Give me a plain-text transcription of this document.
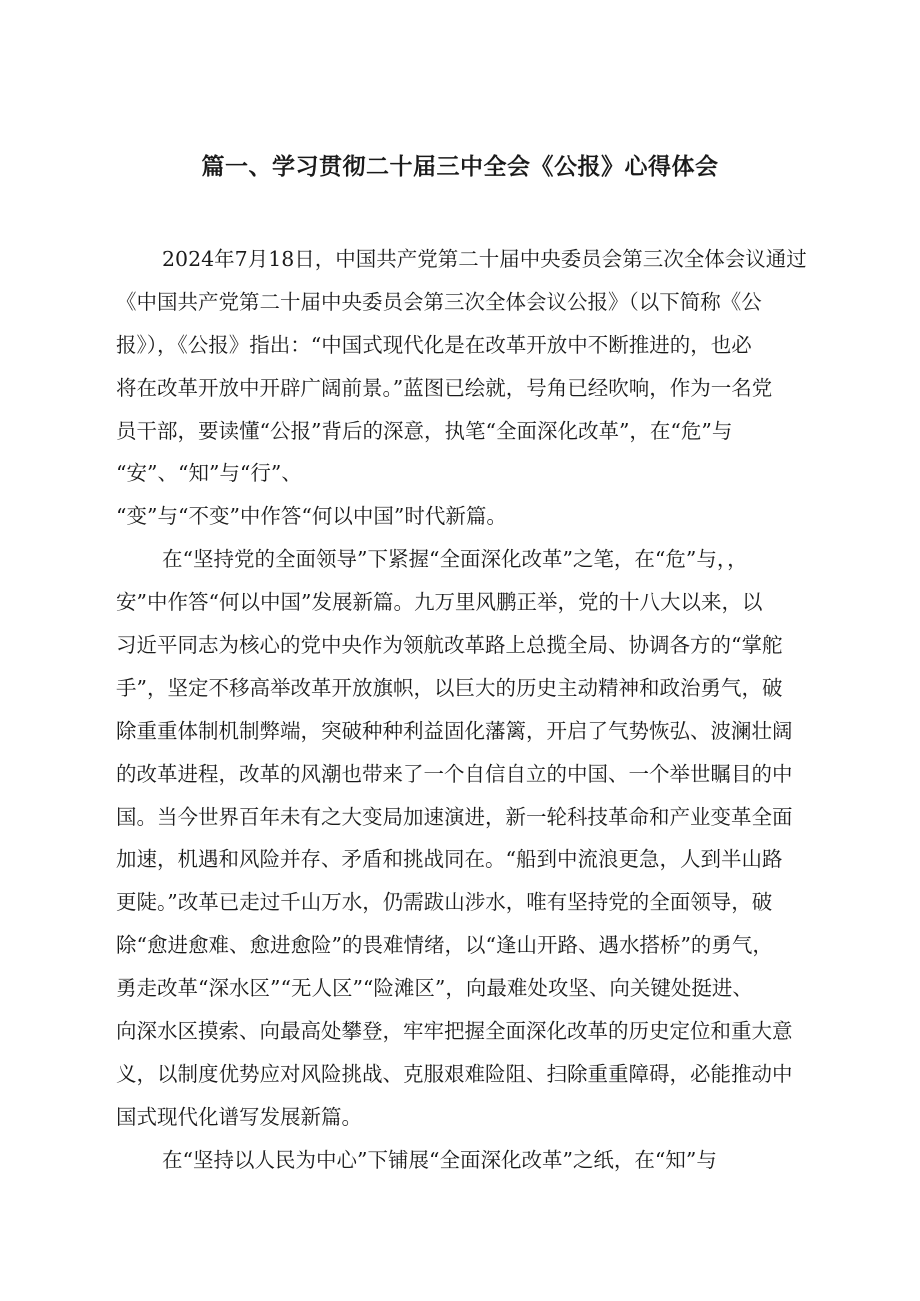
篇一、学习贯彻二十届三中全会《公报》心得体会
2024年7月18日，中国共产党第二十届中央委员会第三次全体会议通过
《中国共产党第二十届中央委员会第三次全体会议公报》（以下简称《公
报》），《公报》指出：“中国式现代化是在改革开放中不断推进的，也必
将在改革开放中开辟广阔前景。”蓝图已绘就，号角已经吹响，作为一名党
员干部，要读懂“公报”背后的深意，执笔“全面深化改革”，在“危”与
“安”、“知”与“行”、
“变”与“不变”中作答“何以中国”时代新篇。
在“坚持党的全面领导”下紧握“全面深化改革”之笔，在“危”与，，
安”中作答“何以中国”发展新篇。九万里风鹏正举，党的十八大以来，以
习近平同志为核心的党中央作为领航改革路上总揽全局、协调各方的“掌舵
手”，坚定不移高举改革开放旗帜，以巨大的历史主动精神和政治勇气，破
除重重体制机制弊端，突破种种利益固化藩篱，开启了气势恢弘、波澜壮阔
的改革进程，改革的风潮也带来了一个自信自立的中国、一个举世瞩目的中
国。当今世界百年未有之大变局加速演进，新一轮科技革命和产业变革全面
加速，机遇和风险并存、矛盾和挑战同在。“船到中流浪更急，人到半山路
更陡。”改革已走过千山万水，仍需跋山涉水，唯有坚持党的全面领导，破
除“愈进愈难、愈进愈险”的畏难情绪，以“逢山开路、遇水搭桥”的勇气，
勇走改革“深水区”“无人区”“险滩区”，向最难处攻坚、向关键处挺进、
向深水区摸索、向最高处攀登，牢牢把握全面深化改革的历史定位和重大意
义，以制度优势应对风险挑战、克服艰难险阻、扫除重重障碍，必能推动中
国式现代化谱写发展新篇。
在“坚持以人民为中心”下铺展“全面深化改革”之纸，在“知”与
